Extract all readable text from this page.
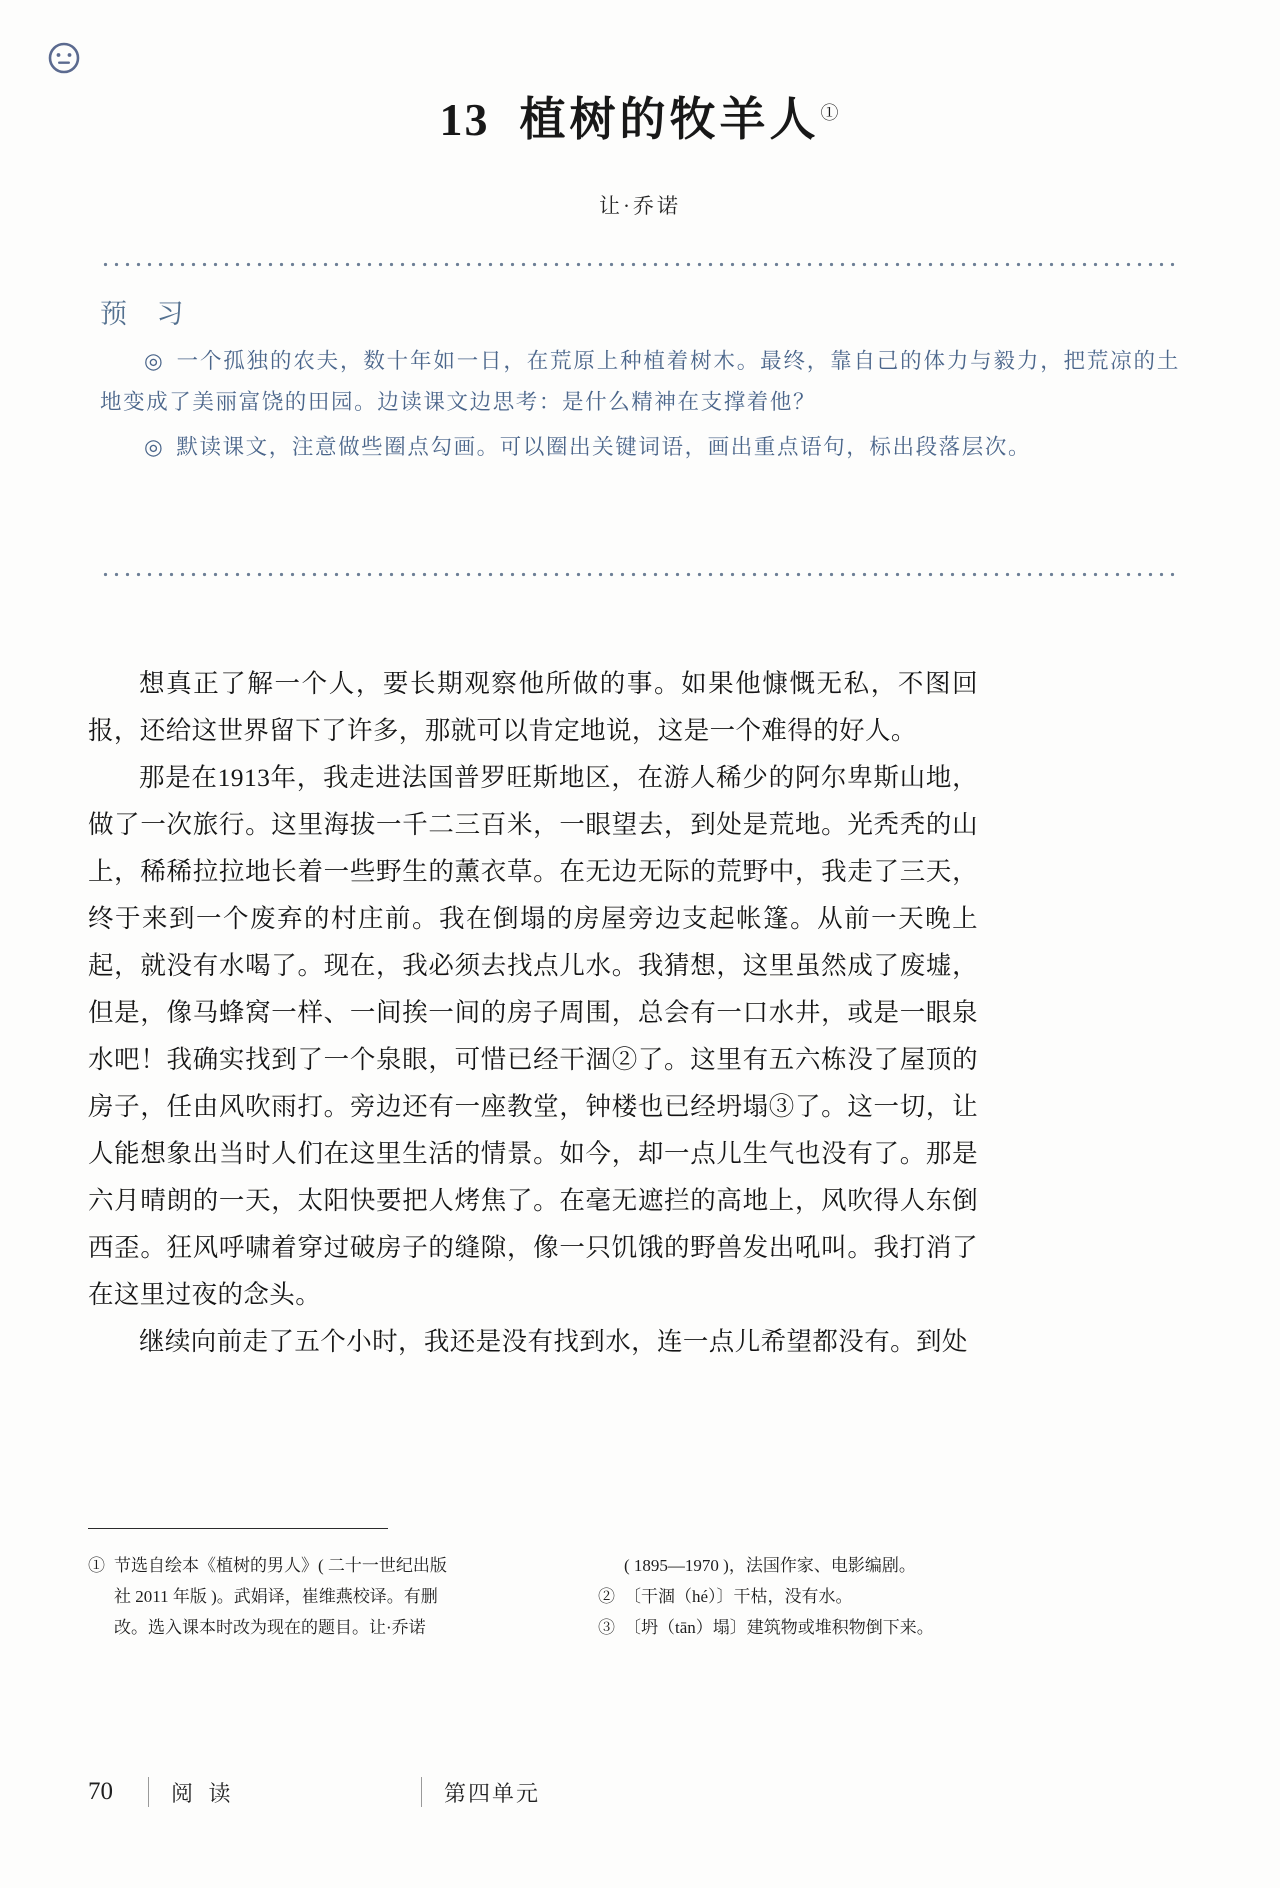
13 植树的牧羊人①
让·乔诺
预 习

◎ 一个孤独的农夫，数十年如一日，在荒原上种植着树木。最终，靠自己的体力与毅力，把荒凉的土地变成了美丽富饶的田园。边读课文边思考：是什么精神在支撑着他？

◎ 默读课文，注意做些圈点勾画。可以圈出关键词语，画出重点语句，标出段落层次。

想真正了解一个人，要长期观察他所做的事。如果他慷慨无私，不图回报，还给这世界留下了许多，那就可以肯定地说，这是一个难得的好人。

那是在1913年，我走进法国普罗旺斯地区，在游人稀少的阿尔卑斯山地，做了一次旅行。这里海拔一千二三百米，一眼望去，到处是荒地。光秃秃的山上，稀稀拉拉地长着一些野生的薰衣草。在无边无际的荒野中，我走了三天，终于来到一个废弃的村庄前。我在倒塌的房屋旁边支起帐篷。从前一天晚上起，就没有水喝了。现在，我必须去找点儿水。我猜想，这里虽然成了废墟，但是，像马蜂窝一样、一间挨一间的房子周围，总会有一口水井，或是一眼泉水吧！我确实找到了一个泉眼，可惜已经干涸②了。这里有五六栋没了屋顶的房子，任由风吹雨打。旁边还有一座教堂，钟楼也已经坍塌③了。这一切，让人能想象出当时人们在这里生活的情景。如今，却一点儿生气也没有了。那是六月晴朗的一天，太阳快要把人烤焦了。在毫无遮拦的高地上，风吹得人东倒西歪。狂风呼啸着穿过破房子的缝隙，像一只饥饿的野兽发出吼叫。我打消了在这里过夜的念头。

继续向前走了五个小时，我还是没有找到水，连一点儿希望都没有。到处

① 节选自绘本《植树的男人》( 二十一世纪出版

社 2011 年版 )。武娟译，崔维燕校译。有删

改。选入课本时改为现在的题目。让·乔诺

( 1895—1970 )，法国作家、电影编剧。

② 〔干涸（hé）〕干枯，没有水。

③ 〔坍（tān）塌〕建筑物或堆积物倒下来。

70	阅 读	第四单元
